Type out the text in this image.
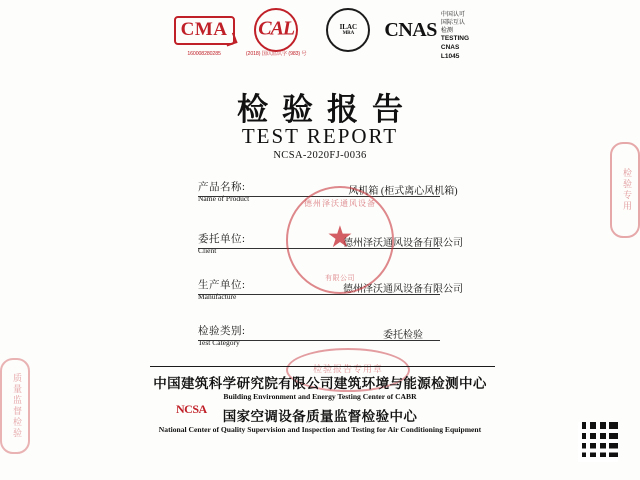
CMA
160008280285
CAL
(2018) 国认监认字 (983) 号
ILAC
MRA CNAS
中国认可
国际互认
检测
TESTING
CNAS L1045
检验报告
TEST REPORT
NCSA-2020FJ-0036
产品名称:
Name of Product
风机箱 (柜式离心风机箱)
委托单位:
Client
德州泽沃通风设备有限公司
生产单位:
Manufacture
德州泽沃通风设备有限公司
检验类别:
Test Category
委托检验
德州泽沃通风设备
★
有限公司
检验报告专用章
检验专用
质量监督检验	中国建筑科学研究院有限公司建筑环境与能源检测中心
Building Environment and Energy Testing Center of CABR
国家空调设备质量监督检验中心
National Center of Quality Supervision and Inspection and Testing for Air Conditioning Equipment
NCSA
